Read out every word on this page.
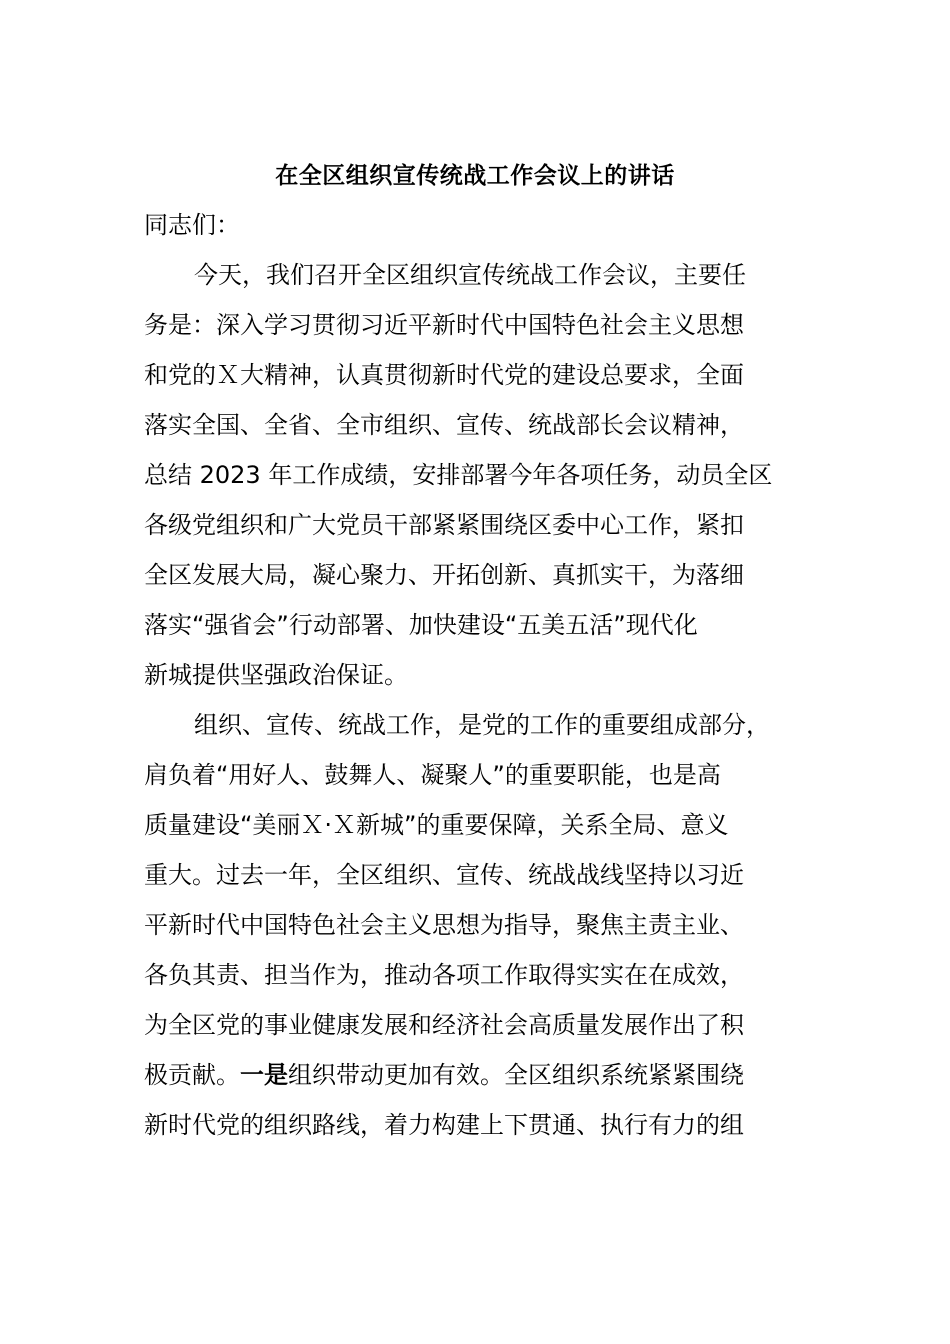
在全区组织宣传统战工作会议上的讲话
同志们：
今天，我们召开全区组织宣传统战工作会议，主要任
务是：深入学习贯彻习近平新时代中国特色社会主义思想
和党的Ｘ大精神，认真贯彻新时代党的建设总要求，全面
落实全国、全省、全市组织、宣传、统战部长会议精神，
总结 2023 年工作成绩，安排部署今年各项任务，动员全区
各级党组织和广大党员干部紧紧围绕区委中心工作，紧扣
全区发展大局，凝心聚力、开拓创新、真抓实干，为落细
落实“强省会”行动部署、加快建设“五美五活”现代化
新城提供坚强政治保证。
组织、宣传、统战工作，是党的工作的重要组成部分，
肩负着“用好人、鼓舞人、凝聚人”的重要职能，也是高
质量建设“美丽Ｘ·Ｘ新城”的重要保障，关系全局、意义
重大。过去一年，全区组织、宣传、统战战线坚持以习近
平新时代中国特色社会主义思想为指导，聚焦主责主业、
各负其责、担当作为，推动各项工作取得实实在在成效，
为全区党的事业健康发展和经济社会高质量发展作出了积
极贡献。一是组织带动更加有效。全区组织系统紧紧围绕
新时代党的组织路线，着力构建上下贯通、执行有力的组
